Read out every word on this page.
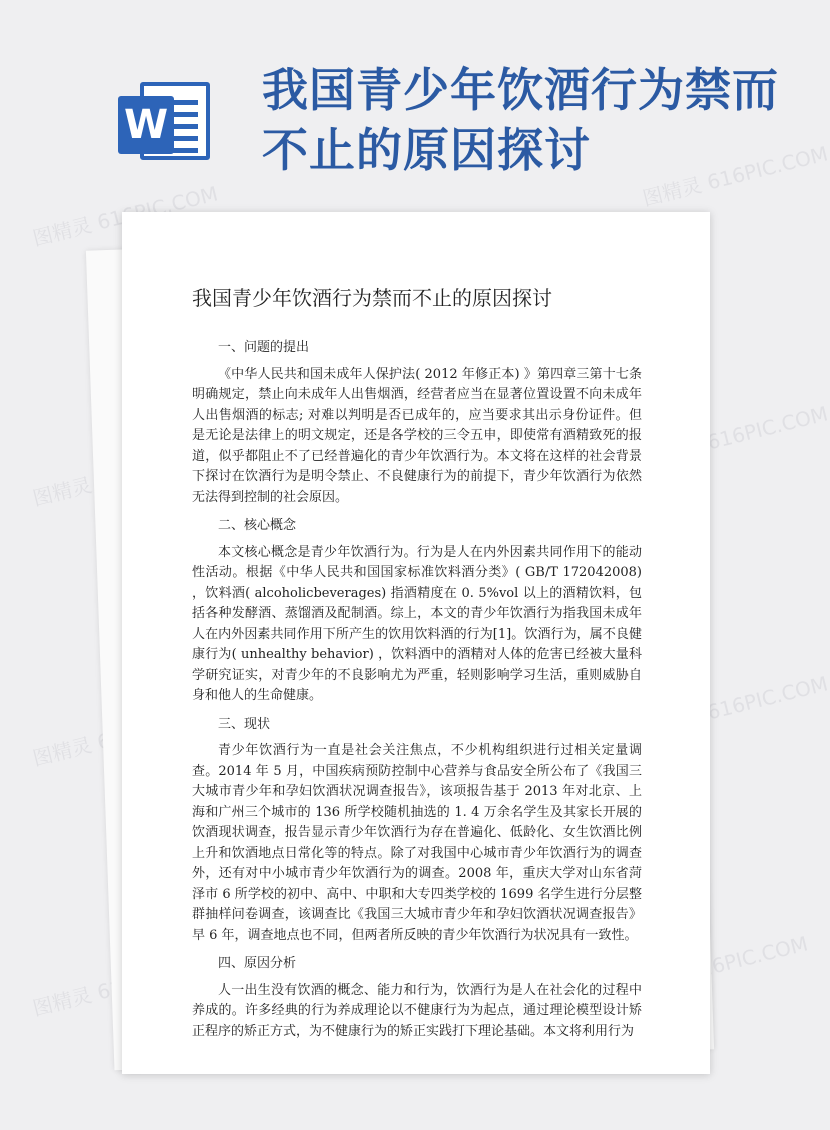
W
我国青少年饮酒行为禁而不止的原因探讨
图精灵 616PIC.COM	图精灵 616PIC.COM
图精灵
图精灵 616PIC.COM
图精灵
图精灵 616PIC.COM
图精灵
图精灵 616PIC.COM
我国青少年饮酒行为禁而不止的原因探讨
一、问题的提出

《中华人民共和国未成年人保护法( 2012 年修正本) 》第四章三第十七条明确规定，禁止向未成年人出售烟酒，经营者应当在显著位置设置不向未成年人出售烟酒的标志; 对难以判明是否已成年的，应当要求其出示身份证件。但是无论是法律上的明文规定，还是各学校的三令五申，即使常有酒精致死的报道，似乎都阻止不了已经普遍化的青少年饮酒行为。本文将在这样的社会背景下探讨在饮酒行为是明令禁止、不良健康行为的前提下，青少年饮酒行为依然无法得到控制的社会原因。

二、核心概念

本文核心概念是青少年饮酒行为。行为是人在内外因素共同作用下的能动性活动。根据《中华人民共和国国家标准饮料酒分类》( GB/T 172042008) ，饮料酒( alcoholicbeverages) 指酒精度在 0. 5%vol 以上的酒精饮料，包括各种发酵酒、蒸馏酒及配制酒。综上，本文的青少年饮酒行为指我国未成年人在内外因素共同作用下所产生的饮用饮料酒的行为[1]。饮酒行为，属不良健康行为( unhealthy behavior) ，饮料酒中的酒精对人体的危害已经被大量科学研究证实，对青少年的不良影响尤为严重，轻则影响学习生活，重则威胁自身和他人的生命健康。

三、现状

青少年饮酒行为一直是社会关注焦点，不少机构组织进行过相关定量调查。2014 年 5 月，中国疾病预防控制中心营养与食品安全所公布了《我国三大城市青少年和孕妇饮酒状况调查报告》，该项报告基于 2013 年对北京、上海和广州三个城市的 136 所学校随机抽选的 1. 4 万余名学生及其家长开展的饮酒现状调查，报告显示青少年饮酒行为存在普遍化、低龄化、女生饮酒比例上升和饮酒地点日常化等的特点。除了对我国中心城市青少年饮酒行为的调查外，还有对中小城市青少年饮酒行为的调查。2008 年，重庆大学对山东省菏泽市 6 所学校的初中、高中、中职和大专四类学校的 1699 名学生进行分层整群抽样问卷调查，该调查比《我国三大城市青少年和孕妇饮酒状况调查报告》早 6 年，调查地点也不同，但两者所反映的青少年饮酒行为状况具有一致性。

四、原因分析

人一出生没有饮酒的概念、能力和行为，饮酒行为是人在社会化的过程中养成的。许多经典的行为养成理论以不健康行为为起点，通过理论模型设计矫正程序的矫正方式，为不健康行为的矫正实践打下理论基础。本文将利用行为
